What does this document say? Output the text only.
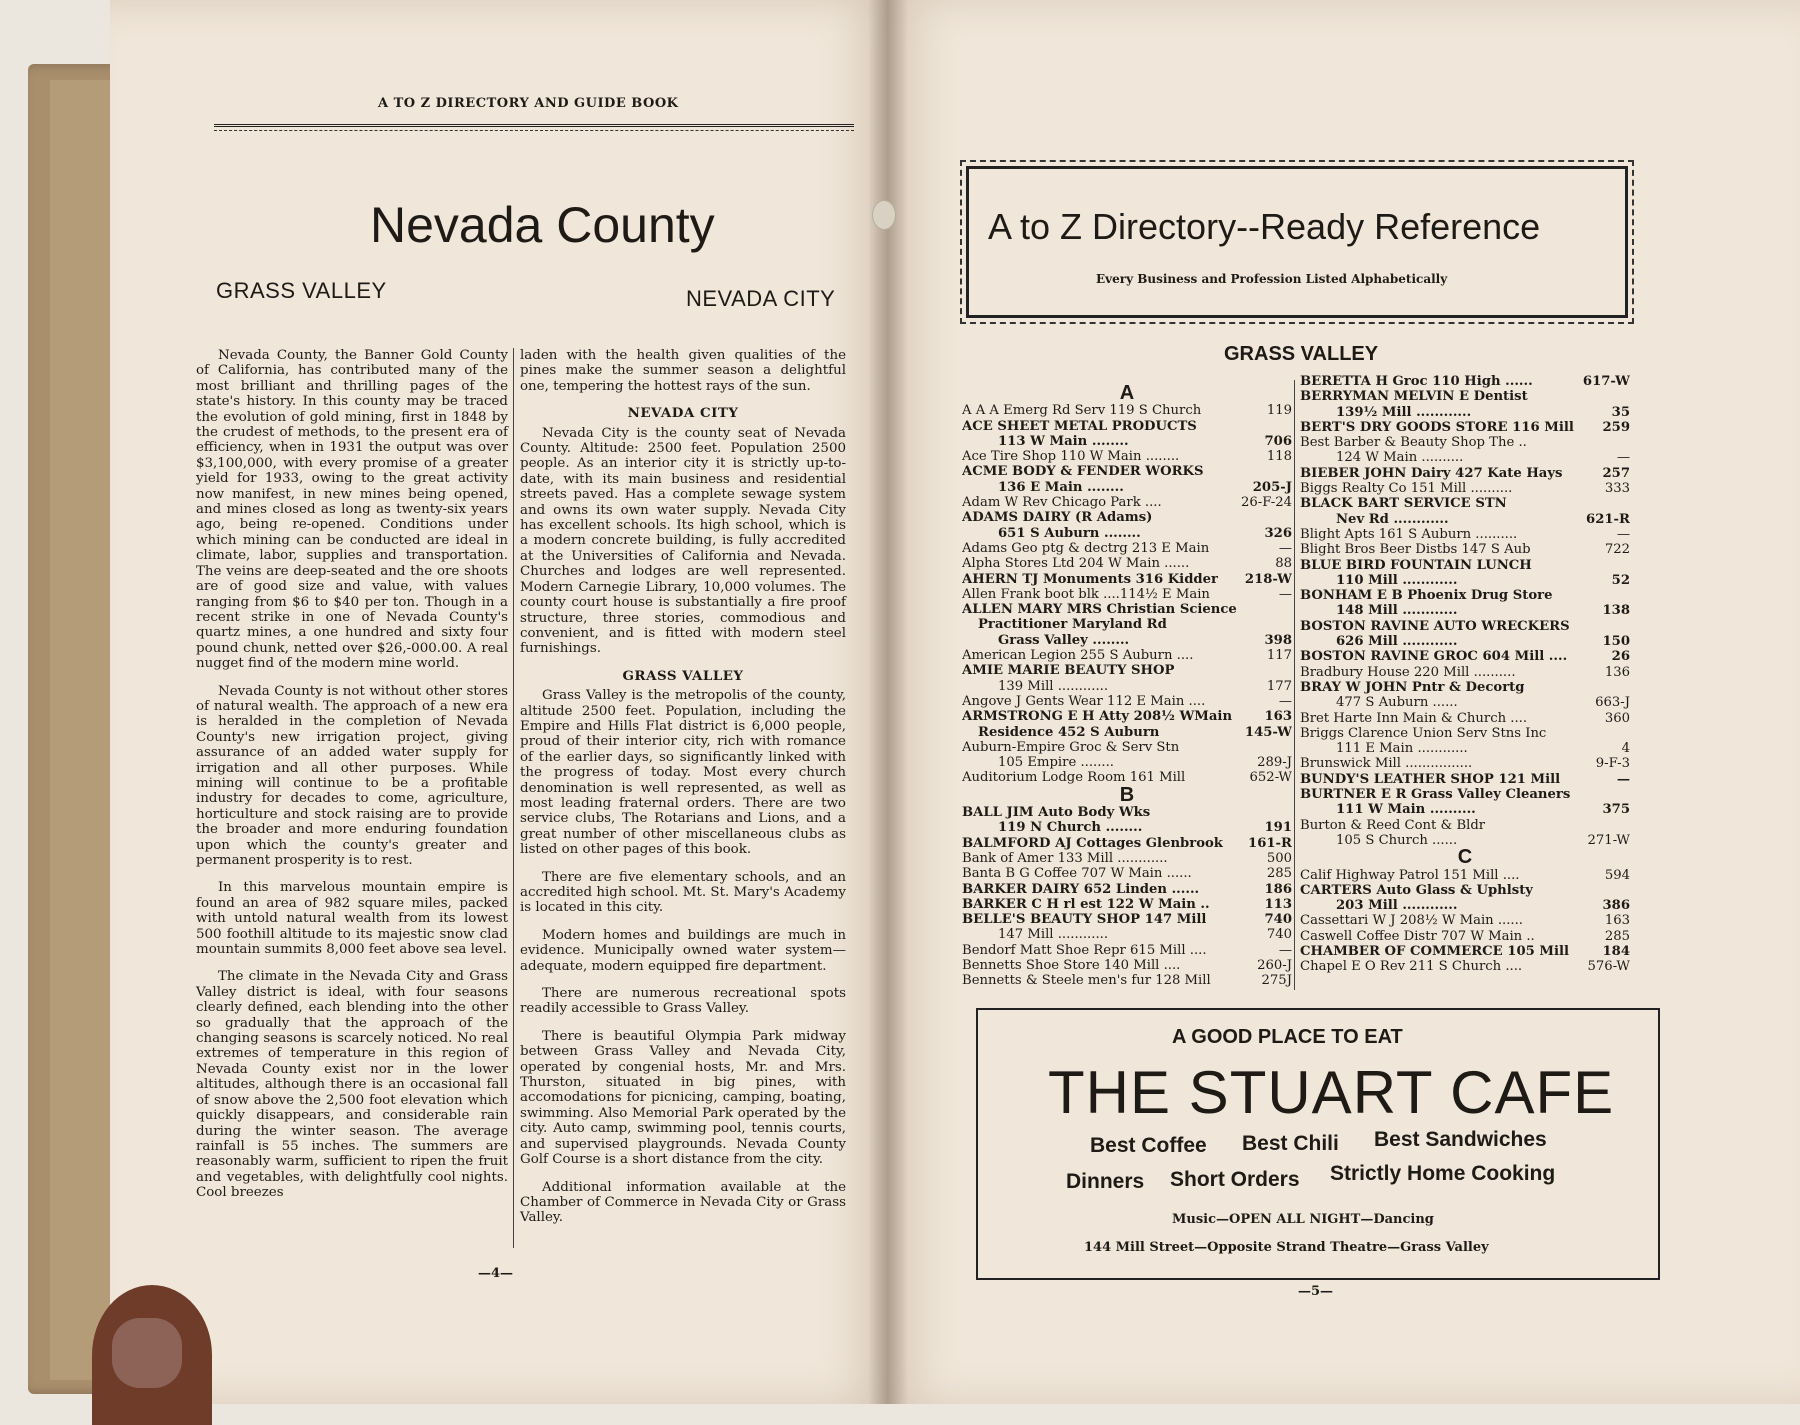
A TO Z DIRECTORY AND GUIDE BOOK
Nevada County
GRASS VALLEY	NEVADA CITY

Nevada County, the Banner Gold County of California, has contributed many of the most brilliant and thrilling pages of the state's history. In this county may be traced the evolution of gold mining, first in 1848 by the crudest of methods, to the present era of efficiency, when in 1931 the output was over $3,100,000, with every promise of a greater yield for 1933, owing to the great activity now manifest, in new mines being opened, and mines closed as long as twenty-six years ago, being re-opened. Conditions under which mining can be conducted are ideal in climate, labor, supplies and transportation. The veins are deep-seated and the ore shoots are of good size and value, with values ranging from $6 to $40 per ton. Though in a recent strike in one of Nevada County's quartz mines, a one hundred and sixty four pound chunk, netted over $26,-000.00. A real nugget find of the modern mine world.

Nevada County is not without other stores of natural wealth. The approach of a new era is heralded in the completion of Nevada County's new irrigation project, giving assurance of an added water supply for irrigation and all other purposes. While mining will continue to be a profitable industry for decades to come, agriculture, horticulture and stock raising are to provide the broader and more enduring foundation upon which the county's greater and permanent prosperity is to rest.

In this marvelous mountain empire is found an area of 982 square miles, packed with untold natural wealth from its lowest 500 foothill altitude to its majestic snow clad mountain summits 8,000 feet above sea level.

The climate in the Nevada City and Grass Valley district is ideal, with four seasons clearly defined, each blending into the other so gradually that the approach of the changing seasons is scarcely noticed. No real extremes of temperature in this region of Nevada County exist nor in the lower altitudes, although there is an occasional fall of snow above the 2,500 foot elevation which quickly disappears, and considerable rain during the winter season. The average rainfall is 55 inches. The summers are reasonably warm, sufficient to ripen the fruit and vegetables, with delightfully cool nights. Cool breezes

laden with the health given qualities of the pines make the summer season a delightful one, tempering the hottest rays of the sun.

NEVADA CITY

Nevada City is the county seat of Nevada County. Altitude: 2500 feet. Population 2500 people. As an interior city it is strictly up-to-date, with its main business and residential streets paved. Has a complete sewage system and owns its own water supply. Nevada City has excellent schools. Its high school, which is a modern concrete building, is fully accredited at the Universities of California and Nevada. Churches and lodges are well represented. Modern Carnegie Library, 10,000 volumes. The county court house is substantially a fire proof structure, three stories, commodious and convenient, and is fitted with modern steel furnishings.

GRASS VALLEY

Grass Valley is the metropolis of the county, altitude 2500 feet. Population, including the Empire and Hills Flat district is 6,000 people, proud of their interior city, rich with romance of the earlier days, so significantly linked with the progress of today. Most every church denomination is well represented, as well as most leading fraternal orders. There are two service clubs, The Rotarians and Lions, and a great number of other miscellaneous clubs as listed on other pages of this book.

There are five elementary schools, and an accredited high school. Mt. St. Mary's Academy is located in this city.

Modern homes and buildings are much in evidence. Municipally owned water system—adequate, modern equipped fire department.

There are numerous recreational spots readily accessible to Grass Valley.

There is beautiful Olympia Park midway between Grass Valley and Nevada City, operated by congenial hosts, Mr. and Mrs. Thurston, situated in big pines, with accomodations for picnicing, camping, boating, swimming. Also Memorial Park operated by the city. Auto camp, swimming pool, tennis courts, and supervised playgrounds. Nevada County Golf Course is a short distance from the city.

Additional information available at the Chamber of Commerce in Nevada City or Grass Valley.

—4—
A to Z Directory--Ready Reference
Every Business and Profession Listed Alphabetically
GRASS VALLEY
A
A A A Emerg Rd Serv 119 S Church	119
ACE SHEET METAL PRODUCTS
113 W Main ........	706
Ace Tire Shop 110 W Main ........	118
ACME BODY & FENDER WORKS
136 E Main ........	205-J
Adam W Rev Chicago Park ....	26-F-24
ADAMS DAIRY (R Adams)
651 S Auburn ........	326
Adams Geo ptg & dectrg 213 E Main	—
Alpha Stores Ltd 204 W Main ......	88
AHERN TJ Monuments 316 Kidder	218-W
Allen Frank boot blk ....114½ E Main	—
ALLEN MARY MRS Christian Science
Practitioner Maryland Rd
Grass Valley ........	398
American Legion 255 S Auburn ....	117
AMIE MARIE BEAUTY SHOP
139 Mill ............	177
Angove J Gents Wear 112 E Main ....	—
ARMSTRONG E H Atty 208½ WMain	163
Residence 452 S Auburn	145-W
Auburn-Empire Groc & Serv Stn
105 Empire ........	289-J
Auditorium Lodge Room 161 Mill	652-W
B
BALL JIM Auto Body Wks
119 N Church ........	191
BALMFORD AJ Cottages Glenbrook	161-R
Bank of Amer 133 Mill ............	500
Banta B G Coffee 707 W Main ......	285
BARKER DAIRY 652 Linden ......	186
BARKER C H rl est 122 W Main ..	113
BELLE'S BEAUTY SHOP 147 Mill	740
147 Mill ............	740
Bendorf Matt Shoe Repr 615 Mill ....	—
Bennetts Shoe Store 140 Mill ....	260-J
Bennetts & Steele men's fur 128 Mill	275J
BERETTA H Groc 110 High ......	617-W
BERRYMAN MELVIN E Dentist
139½ Mill ............	35
BERT'S DRY GOODS STORE 116 Mill	259
Best Barber & Beauty Shop The ..
124 W Main ..........	—
BIEBER JOHN Dairy 427 Kate Hays	257
Biggs Realty Co 151 Mill ..........	333
BLACK BART SERVICE STN
Nev Rd ............	621-R
Blight Apts 161 S Auburn ..........	—
Blight Bros Beer Distbs 147 S Aub	722
BLUE BIRD FOUNTAIN LUNCH
110 Mill ............	52
BONHAM E B Phoenix Drug Store
148 Mill ............	138
BOSTON RAVINE AUTO WRECKERS
626 Mill ............	150
BOSTON RAVINE GROC 604 Mill ....	26
Bradbury House 220 Mill ..........	136
BRAY W JOHN Pntr & Decortg
477 S Auburn ......	663-J
Bret Harte Inn Main & Church ....	360
Briggs Clarence Union Serv Stns Inc
111 E Main ............	4
Brunswick Mill ................	9-F-3
BUNDY'S LEATHER SHOP 121 Mill	—
BURTNER E R Grass Valley Cleaners
111 W Main ..........	375
Burton & Reed Cont & Bldr
105 S Church ......	271-W
C
Calif Highway Patrol 151 Mill ....	594
CARTERS Auto Glass & Uphlsty
203 Mill ............	386
Cassettari W J 208½ W Main ......	163
Caswell Coffee Distr 707 W Main ..	285
CHAMBER OF COMMERCE 105 Mill	184
Chapel E O Rev 211 S Church ....	576-W
A GOOD PLACE TO EAT
THE STUART CAFE
Best Coffee Best Chili Best Sandwiches
Dinners Short Orders Strictly Home Cooking
Music—OPEN ALL NIGHT—Dancing
144 Mill Street—Opposite Strand Theatre—Grass Valley
—5—
